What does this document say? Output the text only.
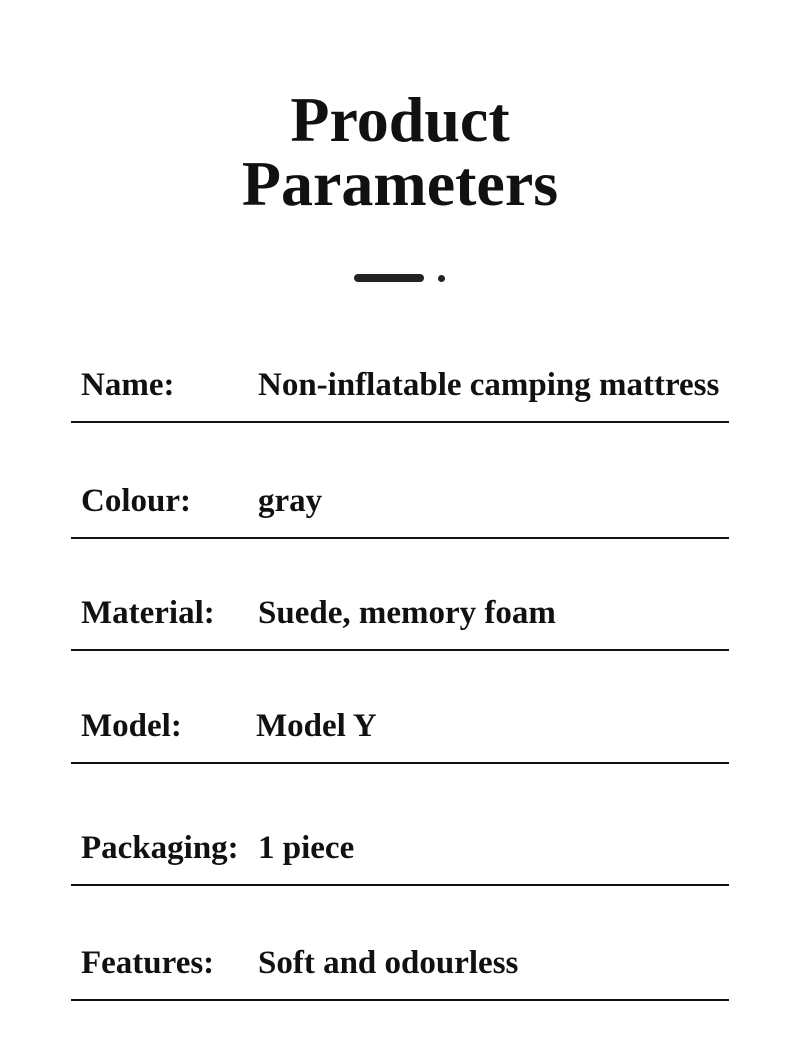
Product
Parameters
Name:	Non-inflatable camping mattress
Colour: gray
Material: Suede, memory foam
Model: Model Y
Packaging: 1 piece
Features: Soft and odourless
